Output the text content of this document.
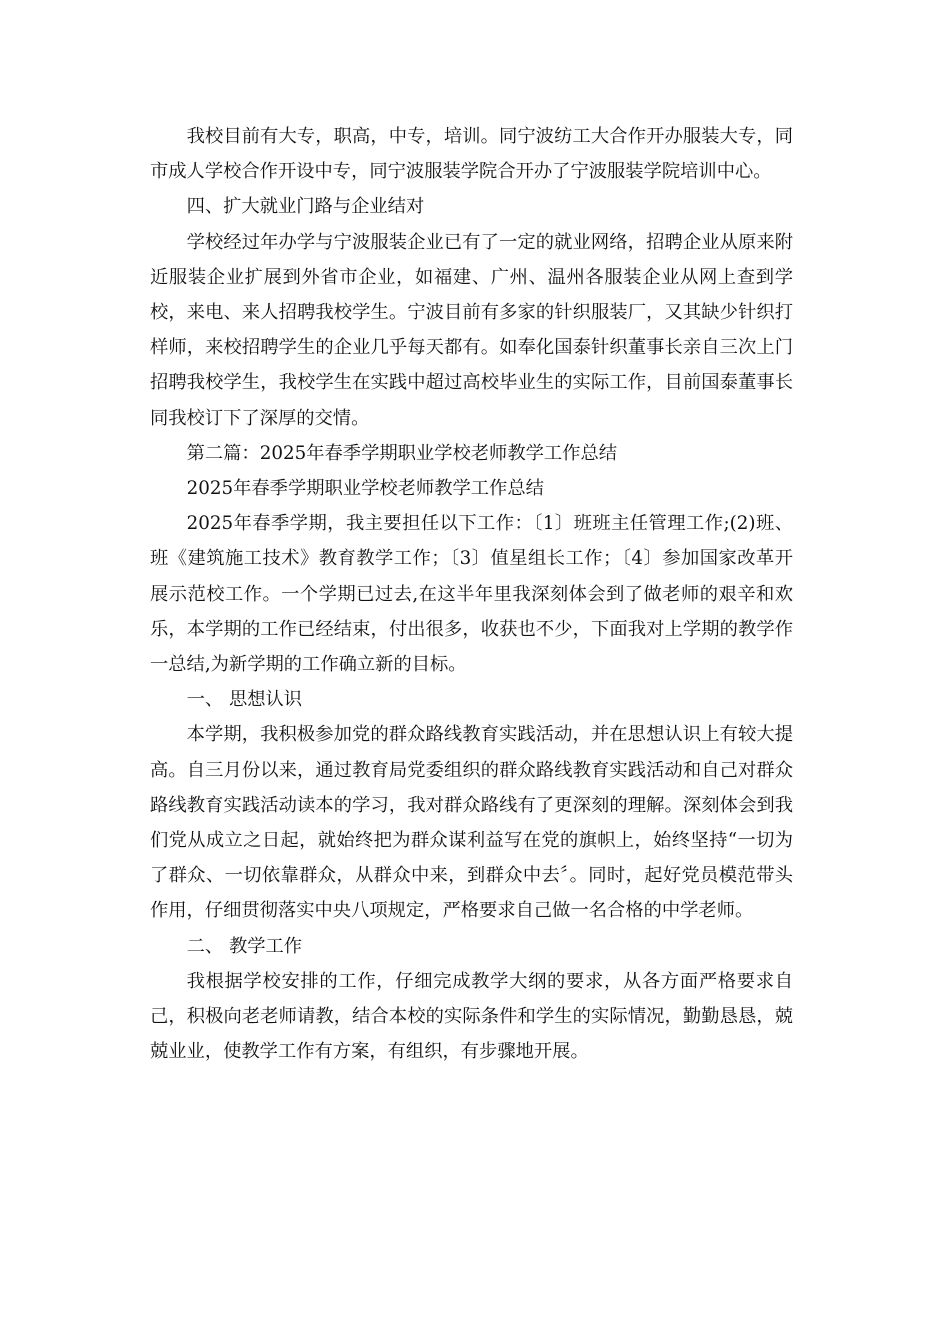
我校目前有大专，职高，中专，培训。同宁波纺工大合作开办服装大专，同市成人学校合作开设中专，同宁波服装学院合开办了宁波服装学院培训中心。

四、扩大就业门路与企业结对

学校经过年办学与宁波服装企业已有了一定的就业网络，招聘企业从原来附近服装企业扩展到外省市企业，如福建、广州、温州各服装企业从网上查到学校，来电、来人招聘我校学生。宁波目前有多家的针织服装厂，又其缺少针织打样师，来校招聘学生的企业几乎每天都有。如奉化国泰针织董事长亲自三次上门招聘我校学生，我校学生在实践中超过高校毕业生的实际工作，目前国泰董事长同我校订下了深厚的交情。

第二篇：2025年春季学期职业学校老师教学工作总结

2025年春季学期职业学校老师教学工作总结

2025年春季学期，我主要担任以下工作：〔1〕班班主任管理工作;(2)班、班《建筑施工技术》教育教学工作；〔3〕值星组长工作；〔4〕参加国家改革开展示范校工作。一个学期已过去,在这半年里我深刻体会到了做老师的艰辛和欢乐，本学期的工作已经结束，付出很多，收获也不少，下面我对上学期的教学作一总结,为新学期的工作确立新的目标。

一、 思想认识

本学期，我积极参加党的群众路线教育实践活动，并在思想认识上有较大提高。自三月份以来，通过教育局党委组织的群众路线教育实践活动和自己对群众路线教育实践活动读本的学习，我对群众路线有了更深刻的理解。深刻体会到我们党从成立之日起，就始终把为群众谋利益写在党的旗帜上，始终坚持“一切为了群众、一切依靠群众，从群众中来，到群众中去〞。同时，起好党员模范带头作用，仔细贯彻落实中央八项规定，严格要求自己做一名合格的中学老师。

二、 教学工作

我根据学校安排的工作，仔细完成教学大纲的要求，从各方面严格要求自己，积极向老老师请教，结合本校的实际条件和学生的实际情况，勤勤恳恳，兢兢业业，使教学工作有方案，有组织，有步骤地开展。
